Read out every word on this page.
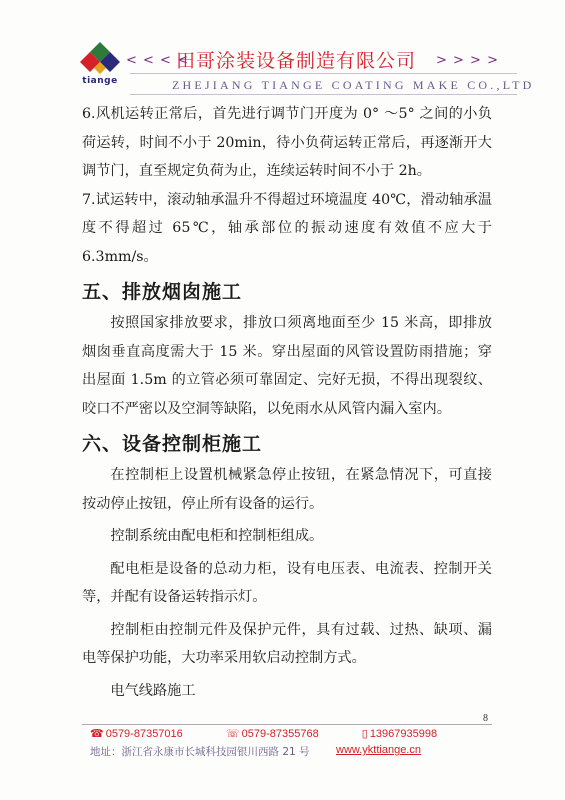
tiange
< < < <
田哥涂装设备制造有限公司 > > > >
ZHEJIANG TIANGE COATING MAKE CO.,LTD

6.风机运转正常后，首先进行调节门开度为 0° ～5° 之间的小负荷运转，时间不小于 20min，待小负荷运转正常后，再逐渐开大调节门，直至规定负荷为止，连续运转时间不小于 2h。

7.试运转中，滚动轴承温升不得超过环境温度 40℃，滑动轴承温度不得超过 65℃，轴承部位的振动速度有效值不应大于 6.3mm/s。

五、排放烟囱施工

按照国家排放要求，排放口须离地面至少 15 米高，即排放烟囱垂直高度需大于 15 米。穿出屋面的风管设置防雨措施；穿出屋面 1.5m 的立管必须可靠固定、完好无损，不得出现裂纹、咬口不严密以及空洞等缺陷，以免雨水从风管内漏入室内。

六、设备控制柜施工

在控制柜上设置机械紧急停止按钮，在紧急情况下，可直接按动停止按钮，停止所有设备的运行。

控制系统由配电柜和控制柜组成。

配电柜是设备的总动力柜，设有电压表、电流表、控制开关等，并配有设备运转指示灯。

控制柜由控制元件及保护元件，具有过载、过热、缺项、漏电等保护功能，大功率采用软启动控制方式。

电气线路施工

8
☎ 0579-87357016	☏ 0579-87355768	▯ 13967935998
地址：浙江省永康市长城科技园银川西路 21 号 www.ykttiange.cn
